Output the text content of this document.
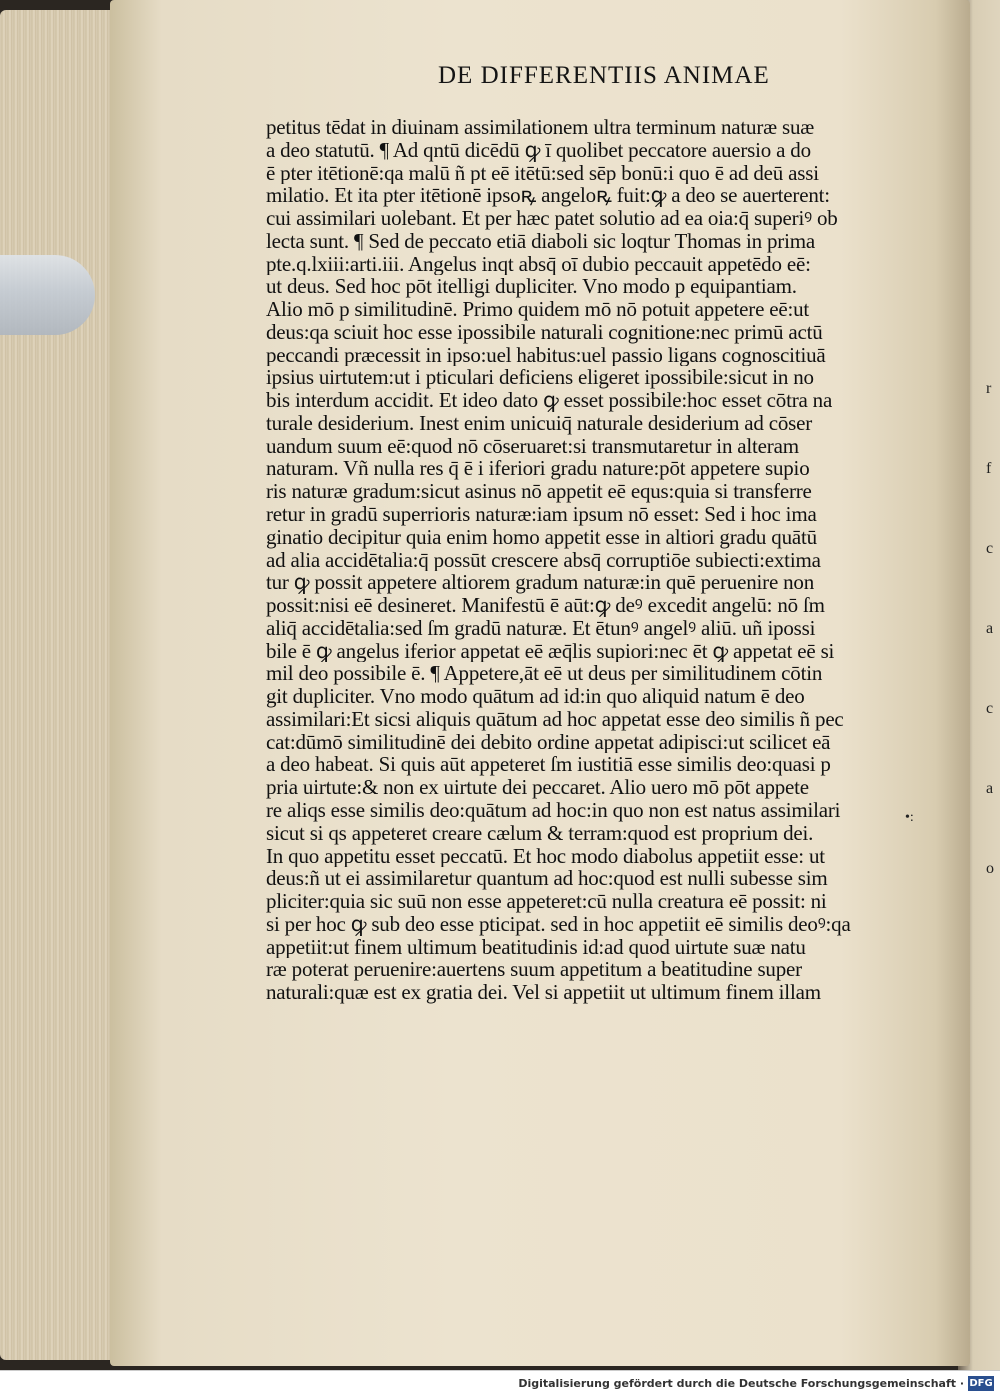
r
f
c
a
c
a
o
DE DIFFERENTIIS ANIMAE
petitus tēdat in diuinam assimilationem ultra terminum naturæ suæ
a deo statutū. ¶ Ad qntū dicēdū ꝙ ī quolibet peccatore auersio a do
ē pter itētionē:qa malū ñ pt eē itētū:sed sēp bonū:i quo ē ad deū assi
milatio. Et ita pter itētionē ipsoꝶ angeloꝶ fuit:ꝙ a deo se auerterent:
cui assimilari uolebant. Et per hæc patet solutio ad ea oia:q̄ superiꝰ ob
lecta sunt. ¶ Sed de peccato etiā diaboli sic loqtur Thomas in prima
pte.q.lxiii:arti.iii. Angelus inqt absq̄ oī dubio peccauit appetēdo eē:
ut deus. Sed hoc pōt itelligi dupliciter. Vno modo p equipantiam.
Alio mō p similitudinē. Primo quidem mō nō potuit appetere eē:ut
deus:qa sciuit hoc esse ipossibile naturali cognitione:nec primū actū
peccandi præcessit in ipso:uel habitus:uel passio ligans cognoscitiuā
ipsius uirtutem:ut i pticulari deficiens eligeret ipossibile:sicut in no
bis interdum accidit. Et ideo dato ꝙ esset possibile:hoc esset cōtra na
turale desiderium. Inest enim unicuiq̄ naturale desiderium ad cōser
uandum suum eē:quod nō cōseruaret:si transmutaretur in alteram
naturam. Vñ nulla res q̄ ē i iferiori gradu nature:pōt appetere supio
ris naturæ gradum:sicut asinus nō appetit eē equs:quia si transferre
retur in gradū superrioris naturæ:iam ipsum nō esset: Sed i hoc ima
ginatio decipitur quia enim homo appetit esse in altiori gradu quātū
ad alia accidētalia:q̄ possūt crescere absq̄ corruptiōe subiecti:extima
tur ꝙ possit appetere altiorem gradum naturæ:in quē peruenire non
possit:nisi eē desineret. Manifestū ē aūt:ꝙ deꝰ excedit angelū: nō ſm
aliq̄ accidētalia:sed ſm gradū naturæ. Et ētunꝰ angelꝰ aliū. uñ ipossi
bile ē ꝙ angelus iferior appetat eē æq̄lis supiori:nec ēt ꝙ appetat eē si
mil deo possibile ē. ¶ Appetere,āt eē ut deus per similitudinem cōtin
git dupliciter. Vno modo quātum ad id:in quo aliquid natum ē deo
assimilari:Et sicsi aliquis quātum ad hoc appetat esse deo similis ñ pec
cat:dūmō similitudinē dei debito ordine appetat adipisci:ut scilicet eā
a deo habeat. Si quis aūt appeteret ſm iustitiā esse similis deo:quasi p
pria uirtute:& non ex uirtute dei peccaret. Alio uero mō pōt appete
re aliqs esse similis deo:quātum ad hoc:in quo non est natus assimilari
sicut si qs appeteret creare cælum & terram:quod est proprium dei.
In quo appetitu esset peccatū. Et hoc modo diabolus appetiit esse: ut
deus:ñ ut ei assimilaretur quantum ad hoc:quod est nulli subesse sim
pliciter:quia sic suū non esse appeteret:cū nulla creatura eē possit: ni
si per hoc ꝙ sub deo esse pticipat. sed in hoc appetiit eē similis deoꝰ:qa
appetiit:ut finem ultimum beatitudinis id:ad quod uirtute suæ natu
ræ poterat peruenire:auertens suum appetitum a beatitudine super
naturali:quæ est ex gratia dei. Vel si appetiit ut ultimum finem illam
•:
Digitalisierung gefördert durch die Deutsche Forschungsgemeinschaft · DFG
